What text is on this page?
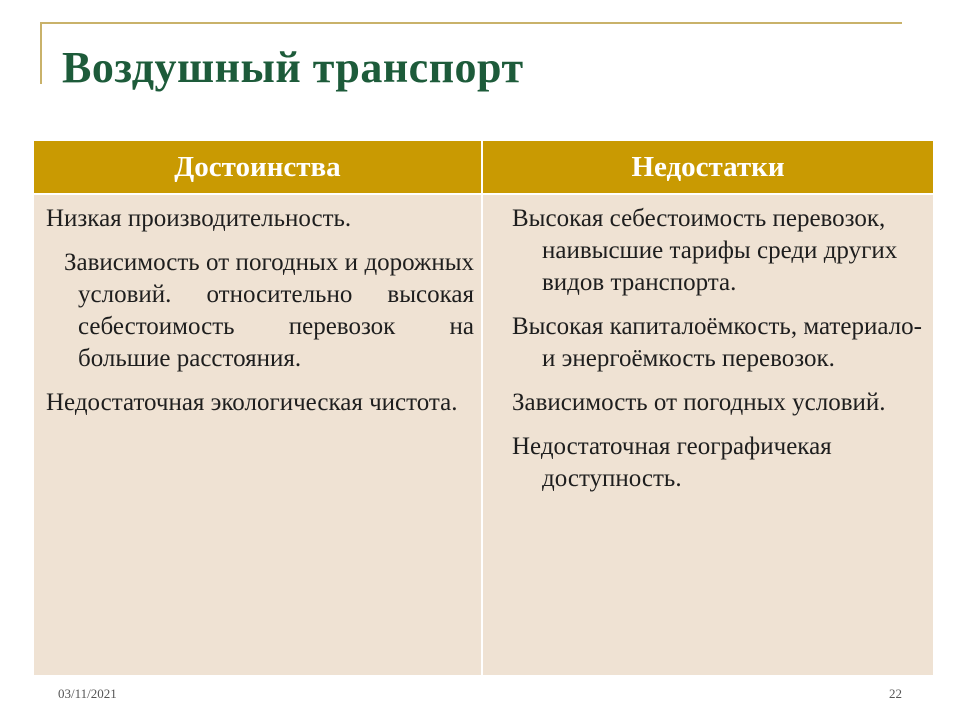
Воздушный транспорт
Достоинства	Недостатки
Низкая производительность.
Зависимость от погодных и дорожных условий. относительно высокая себестоимость перевозок на большие расстояния.
Недостаточная экологическая чистота.
Высокая себестоимость перевозок, наивысшие тарифы среди других видов транспорта.
Высокая капиталоёмкость, материало- и энергоёмкость перевозок.
Зависимость от погодных условий.
Недостаточная географичекая доступность.
03/11/2021	22
